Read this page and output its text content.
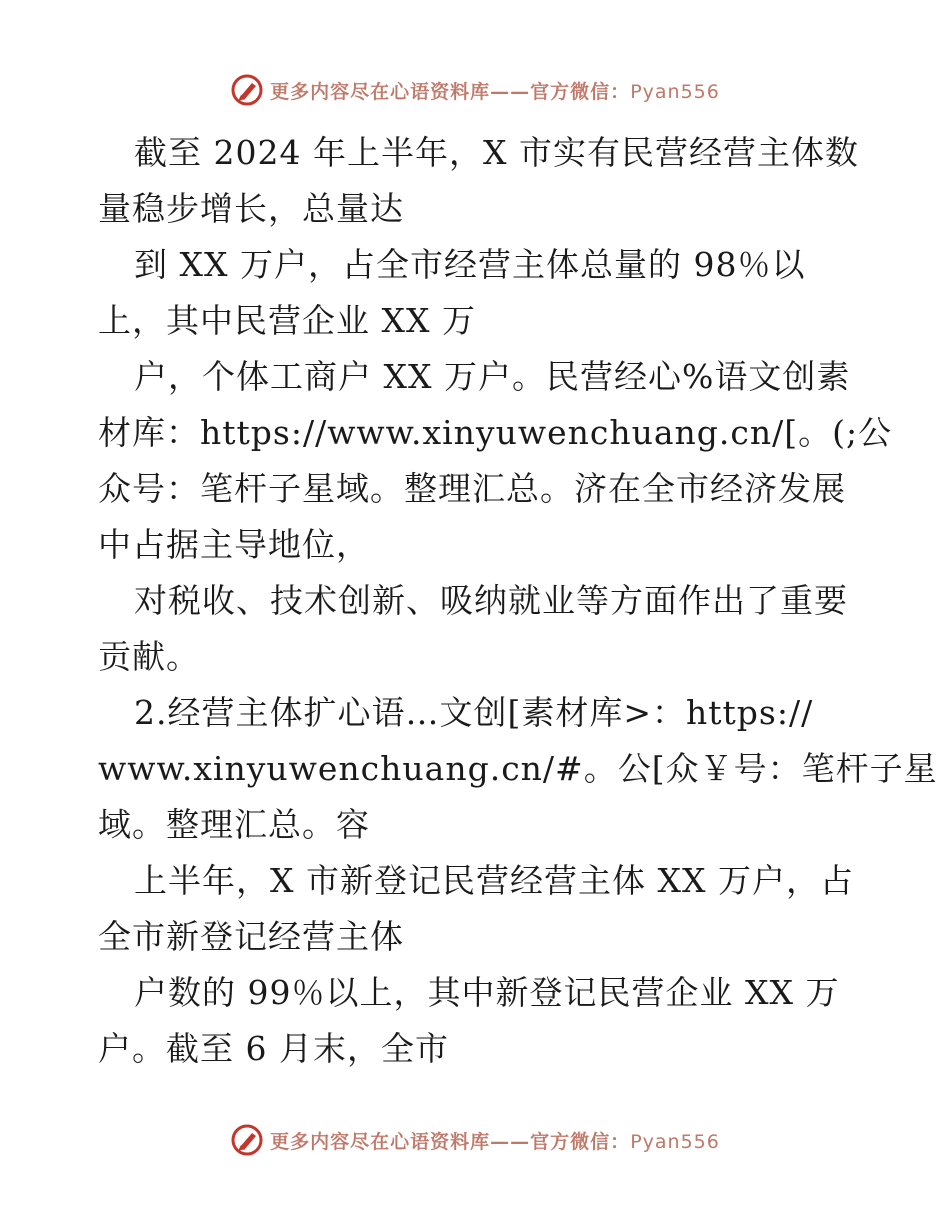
更多内容尽在心语资料库——官方微信：Pyan556
截至 2024 年上半年，X 市实有民营经营主体数
量稳步增长，总量达
到 XX 万户，占全市经营主体总量的 98％以
上，其中民营企业 XX 万
户，个体工商户 XX 万户。民营经心%语文创素
材库：https://www.xinyuwenchuang.cn/[。(;公
众号：笔杆子星域。整理汇总。济在全市经济发展
中占据主导地位，
对税收、技术创新、吸纳就业等方面作出了重要
贡献。
2.经营主体扩心语…文创[素材库>：https://
www.xinyuwenchuang.cn/#。公[众￥号：笔杆子星
域。整理汇总。容
上半年，X 市新登记民营经营主体 XX 万户，占
全市新登记经营主体
户数的 99％以上，其中新登记民营企业 XX 万
户。截至 6 月末，全市
更多内容尽在心语资料库——官方微信：Pyan556
